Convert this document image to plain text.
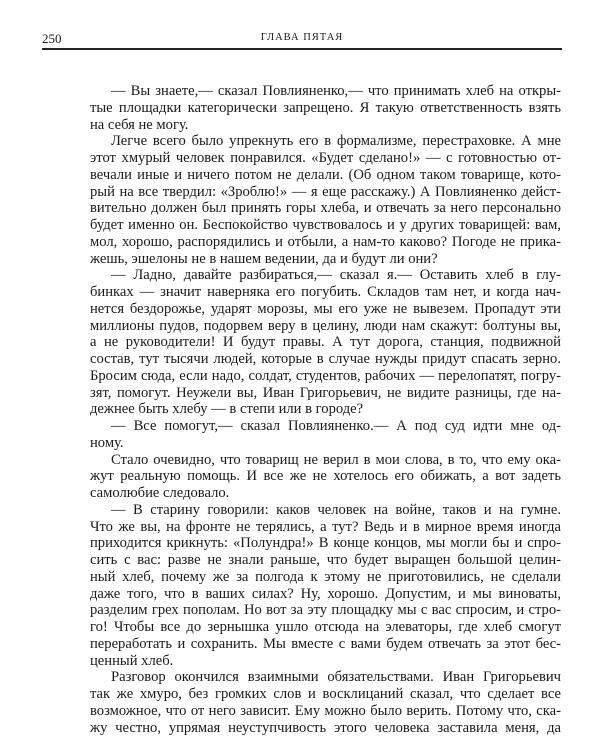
250	ГЛАВА ПЯТАЯ
— Вы знаете,— сказал Повлияненко,— что принимать хлеб на откры-
тые площадки категорически запрещено. Я такую ответственность взять
на себя не могу.
Легче всего было упрекнуть его в формализме, перестраховке. А мне
этот хмурый человек понравился. «Будет сделано!» — с готовностью от-
вечали иные и ничего потом не делали. (Об одном таком товарище, кото-
рый на все твердил: «Зроблю!» — я еще расскажу.) А Повлияненко дейст-
вительно должен был принять горы хлеба, и отвечать за него персонально
будет именно он. Беспокойство чувствовалось и у других товарищей: вам,
мол, хорошо, распорядились и отбыли, а нам-то каково? Погоде не прика-
жешь, эшелоны не в нашем ведении, да и будут ли они?
— Ладно, давайте разбираться,— сказал я.— Оставить хлеб в глу-
бинках — значит наверняка его погубить. Складов там нет, и когда нач-
нется бездорожье, ударят морозы, мы его уже не вывезем. Пропадут эти
миллионы пудов, подорвем веру в целину, люди нам скажут: болтуны вы,
а не руководители! И будут правы. А тут дорога, станция, подвижной
состав, тут тысячи людей, которые в случае нужды придут спасать зерно.
Бросим сюда, если надо, солдат, студентов, рабочих — перелопатят, погру-
зят, помогут. Неужели вы, Иван Григорьевич, не видите разницы, где на-
дежнее быть хлебу — в степи или в городе?
— Все помогут,— сказал Повлияненко.— А под суд идти мне од-
ному.
Стало очевидно, что товарищ не верил в мои слова, в то, что ему ока-
жут реальную помощь. И все же не хотелось его обижать, а вот задеть
самолюбие следовало.
— В старину говорили: каков человек на войне, таков и на гумне.
Что же вы, на фронте не терялись, а тут? Ведь и в мирное время иногда
приходится крикнуть: «Полундра!» В конце концов, мы могли бы и спро-
сить с вас: разве не знали раньше, что будет выращен большой целин-
ный хлеб, почему же за полгода к этому не приготовились, не сделали
даже того, что в ваших силах? Ну, хорошо. Допустим, и мы виноваты,
разделим грех пополам. Но вот за эту площадку мы с вас спросим, и стро-
го! Чтобы все до зернышка ушло отсюда на элеваторы, где хлеб смогут
переработать и сохранить. Мы вместе с вами будем отвечать за этот бес-
ценный хлеб.
Разговор окончился взаимными обязательствами. Иван Григорьевич
так же хмуро, без громких слов и восклицаний сказал, что сделает все
возможное, что от него зависит. Ему можно было верить. Потому что, ска-
жу честно, упрямая неуступчивость этого человека заставила меня, да
